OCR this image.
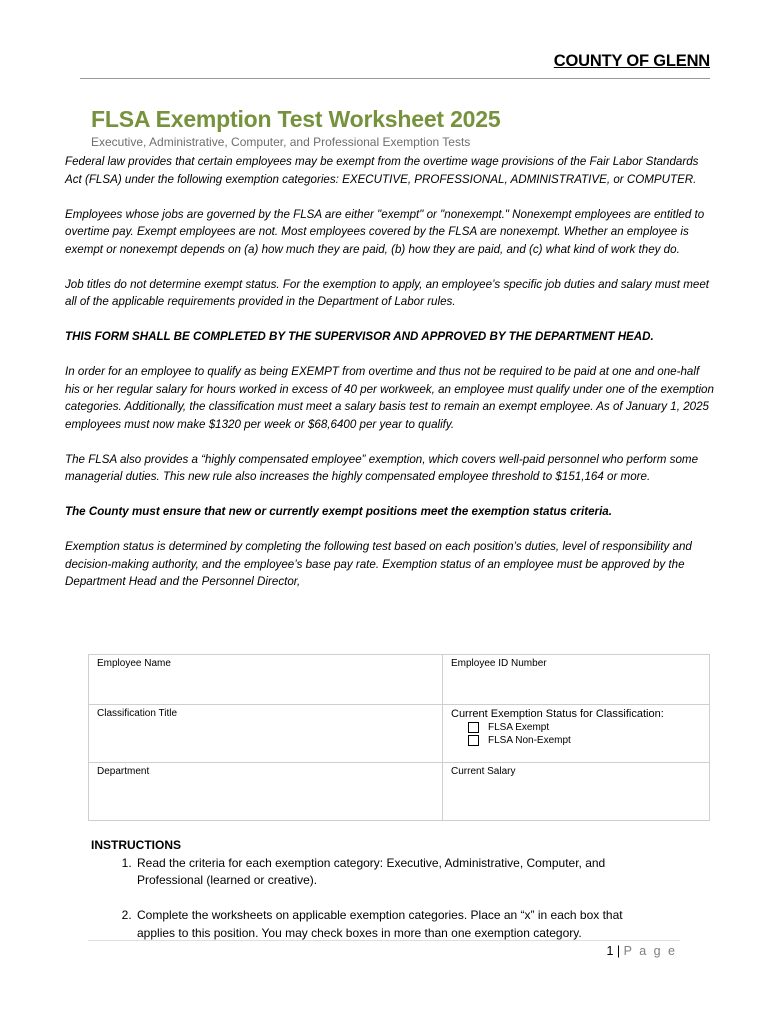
COUNTY OF GLENN
FLSA Exemption Test Worksheet 2025
Executive, Administrative, Computer, and Professional Exemption Tests

Federal law provides that certain employees may be exempt from the overtime wage provisions of the Fair Labor Standards Act (FLSA) under the following exemption categories: EXECUTIVE, PROFESSIONAL, ADMINISTRATIVE, or COMPUTER.

Employees whose jobs are governed by the FLSA are either "exempt" or "nonexempt." Nonexempt employees are entitled to overtime pay. Exempt employees are not. Most employees covered by the FLSA are nonexempt. Whether an employee is exempt or nonexempt depends on (a) how much they are paid, (b) how they are paid, and (c) what kind of work they do.

Job titles do not determine exempt status. For the exemption to apply, an employee’s specific job duties and salary must meet all of the applicable requirements provided in the Department of Labor rules.

THIS FORM SHALL BE COMPLETED BY THE SUPERVISOR AND APPROVED BY THE DEPARTMENT HEAD.

In order for an employee to qualify as being EXEMPT from overtime and thus not be required to be paid at one and one-half his or her regular salary for hours worked in excess of 40 per workweek, an employee must qualify under one of the exemption categories. Additionally, the classification must meet a salary basis test to remain an exempt employee. As of January 1, 2025 employees must now make $1320 per week or $68,6400 per year to qualify.

The FLSA also provides a “highly compensated employee” exemption, which covers well-paid personnel who perform some managerial duties. This new rule also increases the highly compensated employee threshold to $151,164 or more.

The County must ensure that new or currently exempt positions meet the exemption status criteria.

Exemption status is determined by completing the following test based on each position’s duties, level of responsibility and decision-making authority, and the employee’s base pay rate. Exemption status of an employee must be approved by the Department Head and the Personnel Director,

Employee Name	Employee ID Number
Classification Title	Current Exemption Status for Classification:
FLSA Exempt
FLSA Non-Exempt

Department	Current Salary
INSTRUCTIONS
1. Read the criteria for each exemption category: Executive, Administrative, Computer, and Professional (learned or creative).
2. Complete the worksheets on applicable exemption categories. Place an “x” in each box that applies to this position. You may check boxes in more than one exemption category.
1 | P a g e
